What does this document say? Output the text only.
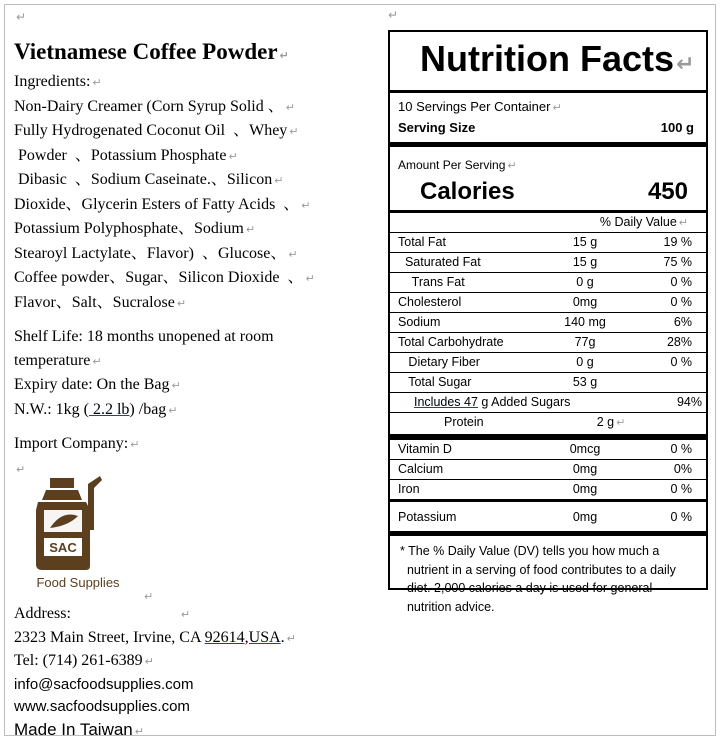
↵	↵
Vietnamese Coffee Powder ↵
Ingredients: ↵
Non-Dairy Creamer (Corn Syrup Solid 、 ↵
Fully Hydrogenated Coconut Oil  、Whey ↵
Powder  、Potassium Phosphate ↵
Dibasic  、Sodium Caseinate.、Silicon ↵
Dioxide、Glycerin Esters of Fatty Acids  、 ↵
Potassium Polyphosphate、Sodium ↵
Stearoyl Lactylate、Flavor)  、Glucose、 ↵
Coffee powder、Sugar、Silicon Dioxide  、 ↵
Flavor、Salt、Sucralose ↵
Shelf Life: 18 months unopened at room
temperature ↵
Expiry date: On the Bag ↵
N.W.: 1kg ( 2.2 lb) /bag ↵
Import Company: ↵
↵
SAC
Food Supplies
↵
Address:	↵
2323 Main Street, Irvine, CA 92614,USA. ↵
Tel: (714) 261-6389 ↵
info@sacfoodsupplies.com
www.sacfoodsupplies.com
Made In Taiwan ↵
Nutrition Facts↵
10 Servings Per Container ↵
Serving Size	100 g
Amount Per Serving ↵
Calories	450
% Daily Value ↵
Total Fat	15 g	19 %
Saturated Fat	15 g	75 %
Trans Fat	0 g	0 %
Cholesterol	0mg	0 %
Sodium	140 mg	6%
Total Carbohydrate	77g	28%
Dietary Fiber	0 g	0 %
Total Sugar	53 g
Includes 47 g Added Sugars	94%
Protein	2 g ↵
Vitamin D	0mcg	0 %
Calcium	0mg	0%
Iron	0mg	0 %
Potassium	0mg	0 %
* The % Daily Value (DV) tells you how much a
nutrient in a serving of food contributes to a daily
diet. 2,000 calories a day is used for general
nutrition advice.
